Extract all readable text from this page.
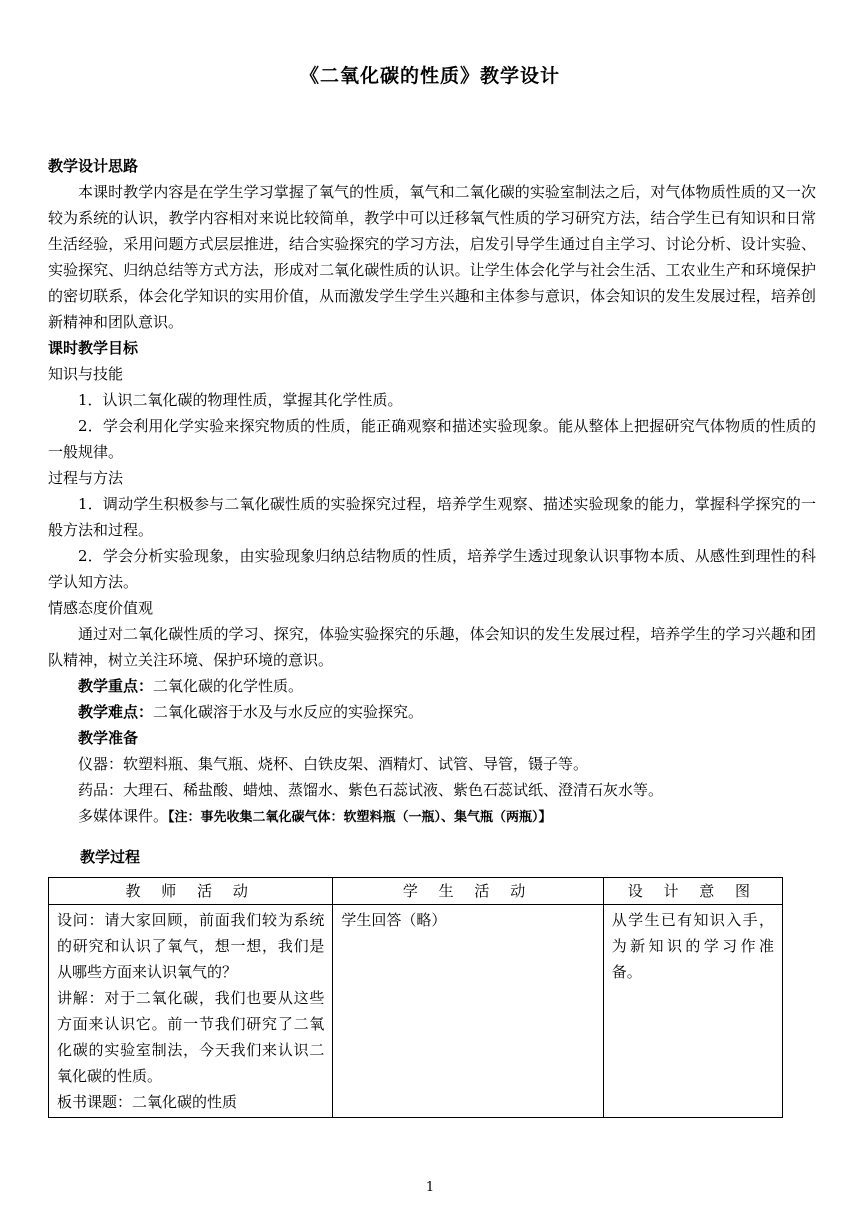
《二氧化碳的性质》教学设计

教学设计思路

本课时教学内容是在学生学习掌握了氧气的性质，氧气和二氧化碳的实验室制法之后，对气体物质性质的又一次较为系统的认识，教学内容相对来说比较简单，教学中可以迁移氧气性质的学习研究方法，结合学生已有知识和日常生活经验，采用问题方式层层推进，结合实验探究的学习方法，启发引导学生通过自主学习、讨论分析、设计实验、实验探究、归纳总结等方式方法，形成对二氧化碳性质的认识。让学生体会化学与社会生活、工农业生产和环境保护的密切联系，体会化学知识的实用价值，从而激发学生学生兴趣和主体参与意识，体会知识的发生发展过程，培养创新精神和团队意识。

课时教学目标

知识与技能

1．认识二氧化碳的物理性质，掌握其化学性质。

2．学会利用化学实验来探究物质的性质，能正确观察和描述实验现象。能从整体上把握研究气体物质的性质的一般规律。

过程与方法

1．调动学生积极参与二氧化碳性质的实验探究过程，培养学生观察、描述实验现象的能力，掌握科学探究的一般方法和过程。

2．学会分析实验现象，由实验现象归纳总结物质的性质，培养学生透过现象认识事物本质、从感性到理性的科学认知方法。

情感态度价值观

通过对二氧化碳性质的学习、探究，体验实验探究的乐趣，体会知识的发生发展过程，培养学生的学习兴趣和团队精神，树立关注环境、保护环境的意识。

教学重点：二氧化碳的化学性质。

教学难点：二氧化碳溶于水及与水反应的实验探究。

教学准备

仪器：软塑料瓶、集气瓶、烧杯、白铁皮架、酒精灯、试管、导管，镊子等。

药品：大理石、稀盐酸、蜡烛、蒸馏水、紫色石蕊试液、紫色石蕊试纸、澄清石灰水等。

多媒体课件。【注：事先收集二氧化碳气体：软塑料瓶（一瓶）、集气瓶（两瓶）】

教学过程
教 师 活 动	学 生 活 动	设 计 意 图

设问：请大家回顾，前面我们较为系统的研究和认识了氧气，想一想，我们是从哪些方面来认识氧气的？
讲解：对于二氧化碳，我们也要从这些方面来认识它。前一节我们研究了二氧化碳的实验室制法，今天我们来认识二氧化碳的性质。
板书课题：二氧化碳的性质	学生回答（略）	从学生已有知识入手，为新知识的学习作准备。
1
